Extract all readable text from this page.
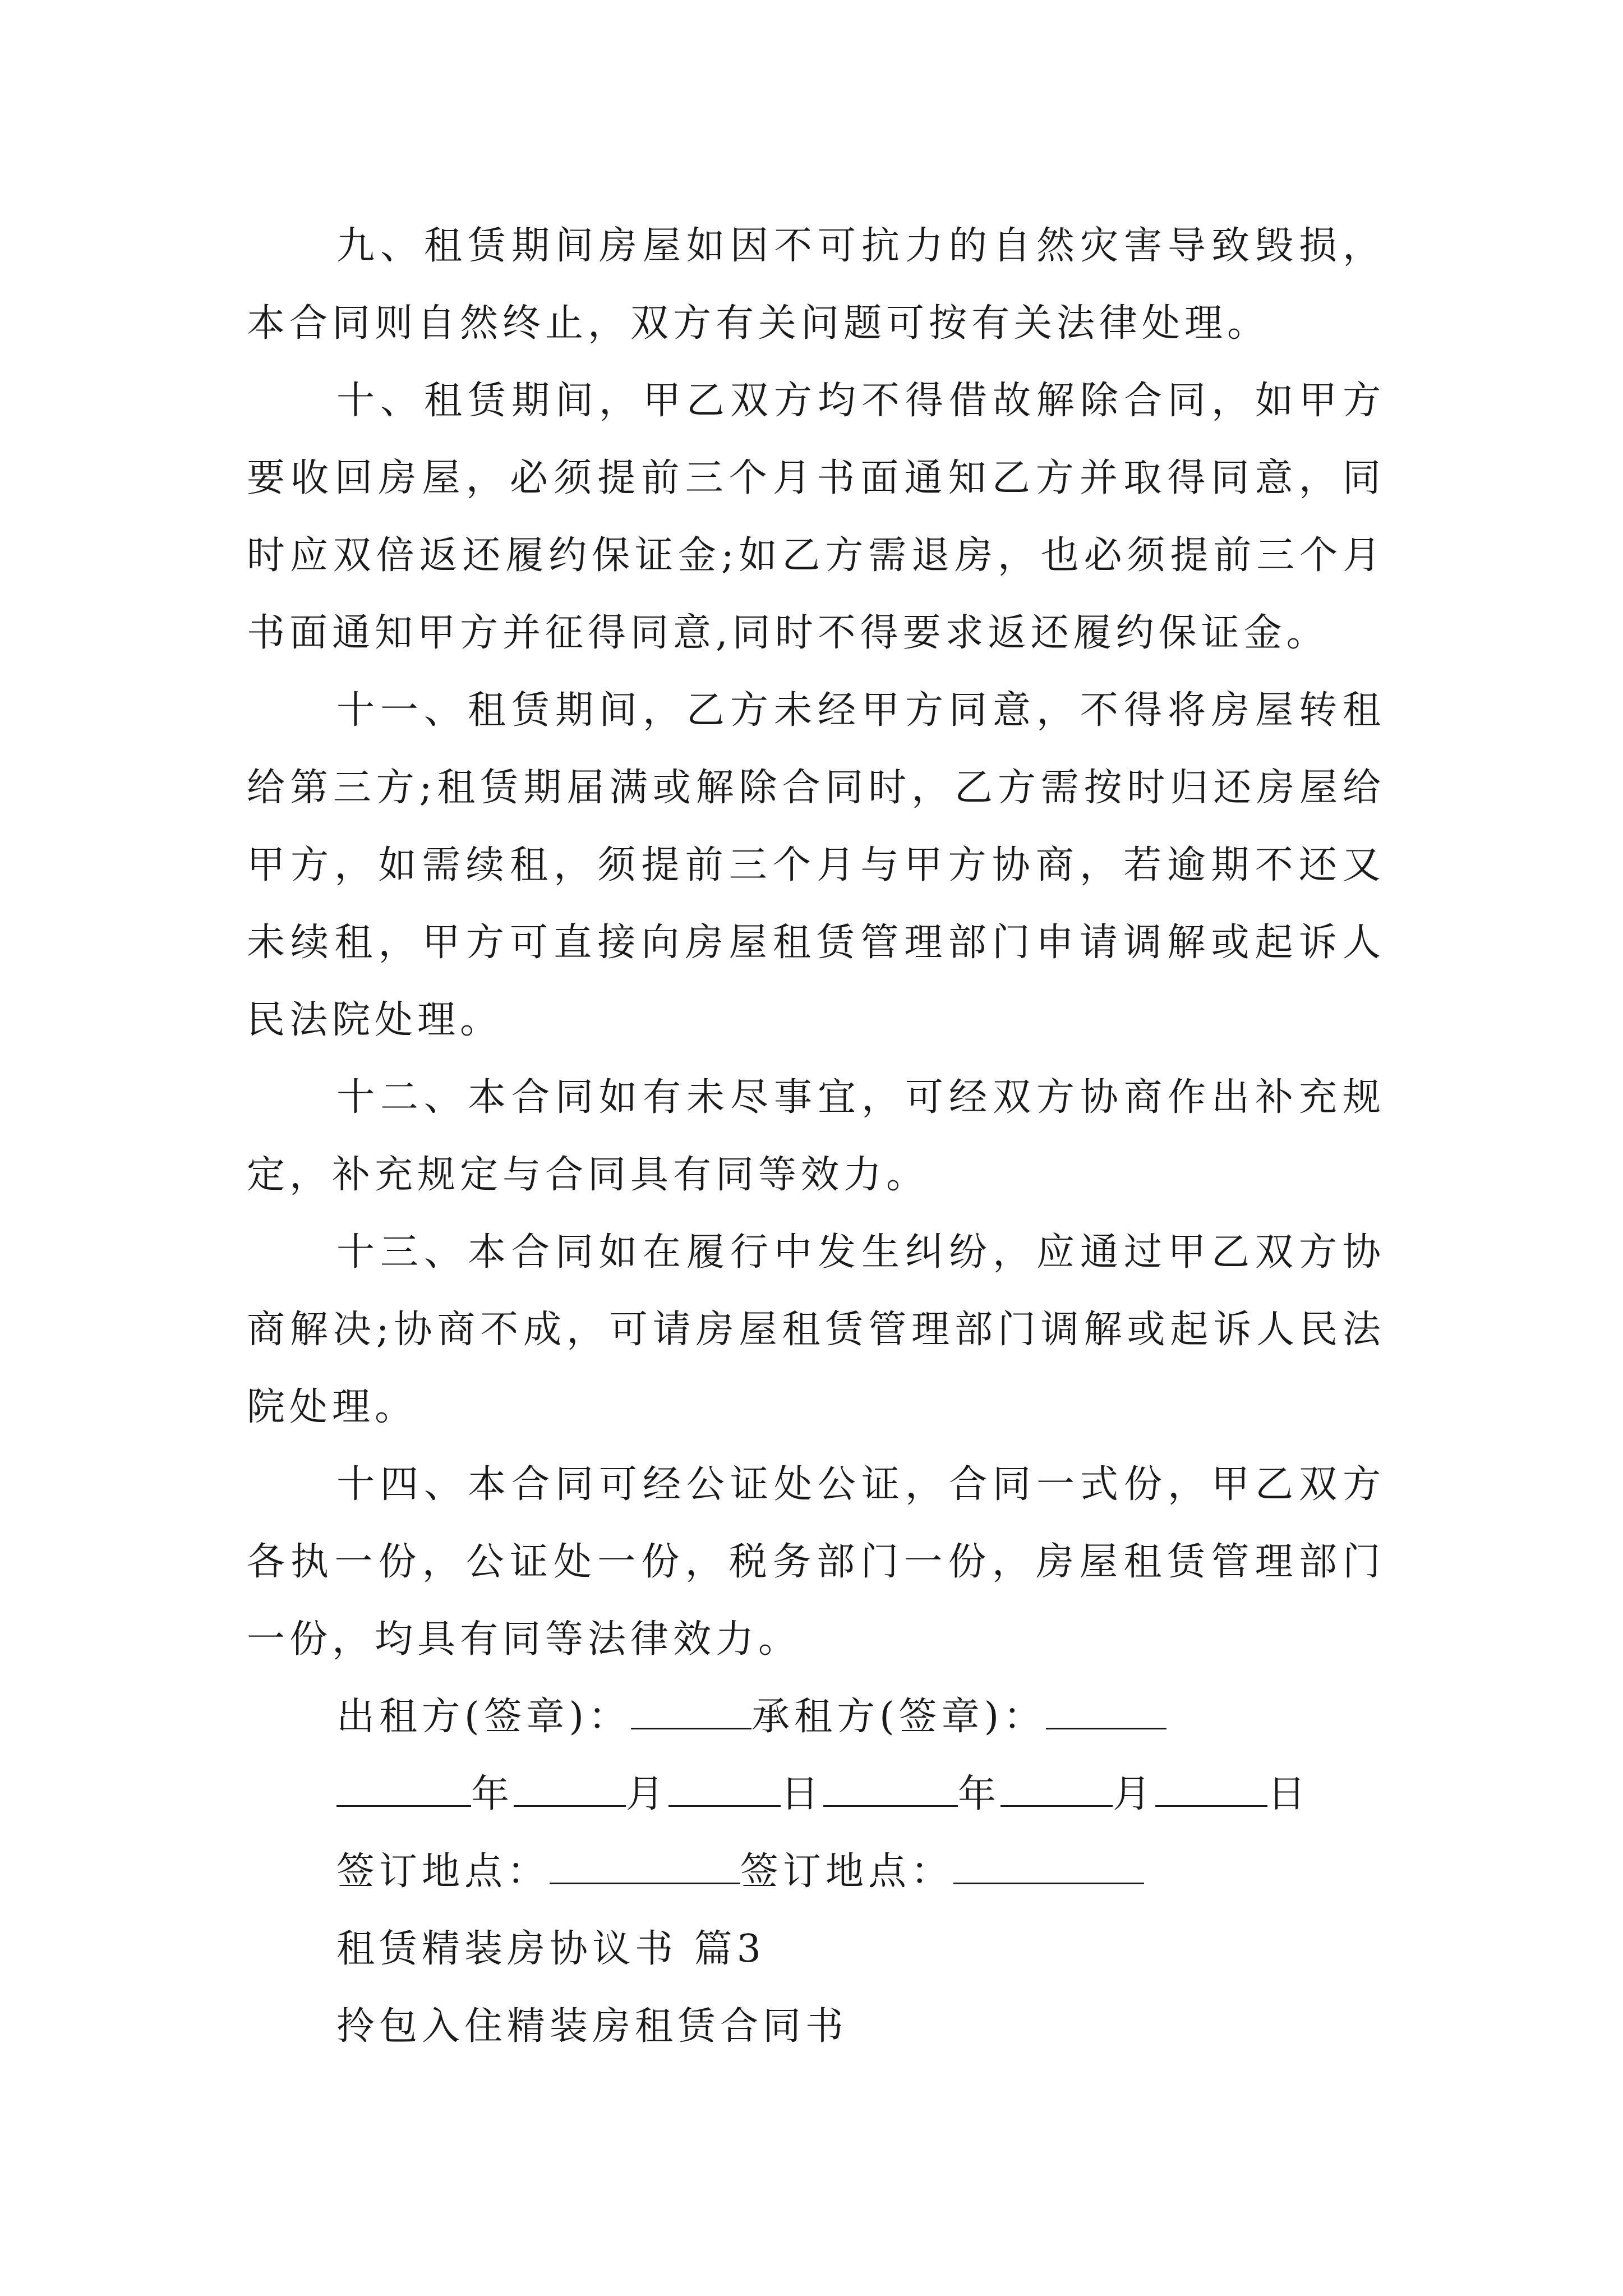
九、租赁期间房屋如因不可抗力的自然灾害导致毁损，本合同则自然终止，双方有关问题可按有关法律处理。

十、租赁期间，甲乙双方均不得借故解除合同，如甲方要收回房屋，必须提前三个月书面通知乙方并取得同意，同时应双倍返还履约保证金;如乙方需退房，也必须提前三个月书面通知甲方并征得同意,同时不得要求返还履约保证金。

十一、租赁期间，乙方未经甲方同意，不得将房屋转租给第三方;租赁期届满或解除合同时，乙方需按时归还房屋给甲方，如需续租，须提前三个月与甲方协商，若逾期不还又未续租，甲方可直接向房屋租赁管理部门申请调解或起诉人民法院处理。

十二、本合同如有未尽事宜，可经双方协商作出补充规定，补充规定与合同具有同等效力。

十三、本合同如在履行中发生纠纷，应通过甲乙双方协商解决;协商不成，可请房屋租赁管理部门调解或起诉人民法院处理。

十四、本合同可经公证处公证，合同一式份，甲乙双方各执一份，公证处一份，税务部门一份，房屋租赁管理部门一份，均具有同等法律效力。

出租方(签章)：	承租方(签章)：
年	月	日	年	月	日
签订地点：	签订地点：
租赁精装房协议书 篇3
拎包入住精装房租赁合同书
